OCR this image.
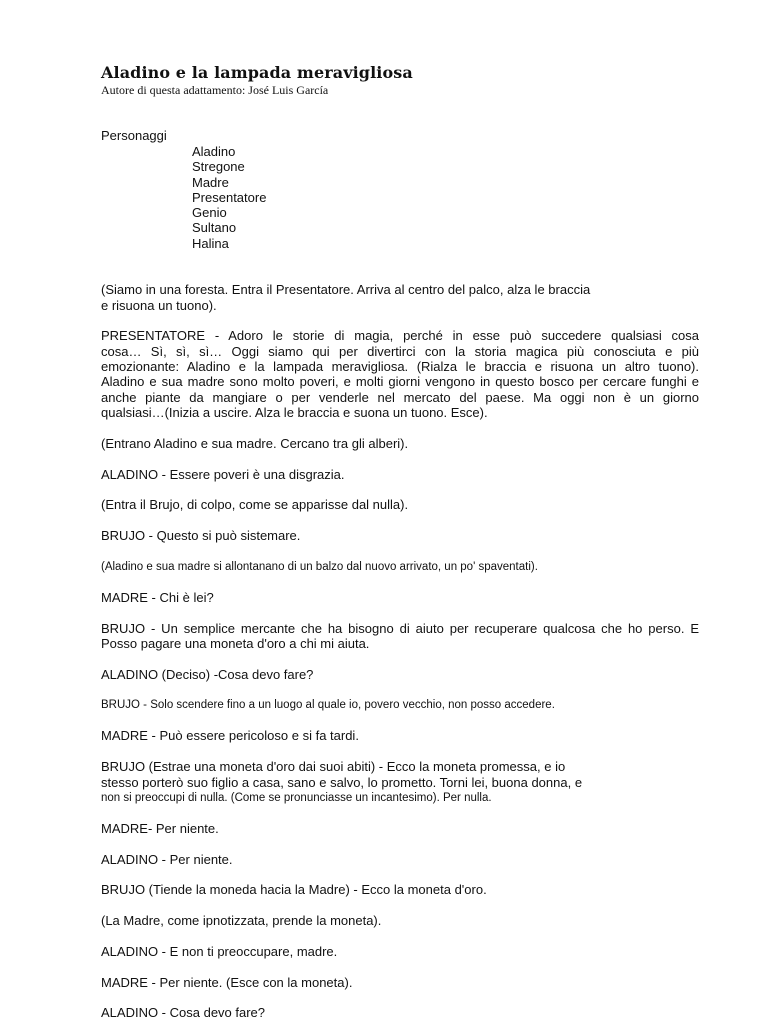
Aladino e la lampada meravigliosa

Autore di questa adattamento: José Luis García

Personaggi

Aladino
Stregone
Madre
Presentatore
Genio
Sultano
Halina

(Siamo in una foresta. Entra il Presentatore. Arriva al centro del palco, alza le braccia

e risuona un tuono).

PRESENTATORE - Adoro le storie di magia, perché in esse può succedere qualsiasi cosa

cosa… Sì, sì, sì… Oggi siamo qui per divertirci con la storia magica più conosciuta e più

emozionante: Aladino e la lampada meravigliosa. (Rialza le braccia e risuona un altro tuono).

Aladino e sua madre sono molto poveri, e molti giorni vengono in questo bosco per cercare funghi e

anche piante da mangiare o per venderle nel mercato del paese. Ma oggi non è un giorno

qualsiasi…(Inizia a uscire. Alza le braccia e suona un tuono. Esce).

(Entrano Aladino e sua madre. Cercano tra gli alberi).

ALADINO - Essere poveri è una disgrazia.

(Entra il Brujo, di colpo, come se apparisse dal nulla).

BRUJO - Questo si può sistemare.

(Aladino e sua madre si allontanano di un balzo dal nuovo arrivato, un po' spaventati).

MADRE - Chi è lei?

BRUJO - Un semplice mercante che ha bisogno di aiuto per recuperare qualcosa che ho perso. E

Posso pagare una moneta d'oro a chi mi aiuta.

ALADINO (Deciso) -Cosa devo fare?

BRUJO - Solo scendere fino a un luogo al quale io, povero vecchio, non posso accedere.

MADRE - Può essere pericoloso e si fa tardi.

BRUJO (Estrae una moneta d'oro dai suoi abiti) - Ecco la moneta promessa, e io

stesso porterò suo figlio a casa, sano e salvo, lo prometto. Torni lei, buona donna, e

non si preoccupi di nulla. (Come se pronunciasse un incantesimo). Per nulla.

MADRE- Per niente.

ALADINO - Per niente.

BRUJO (Tiende la moneda hacia la Madre) - Ecco la moneta d'oro.

(La Madre, come ipnotizzata, prende la moneta).

ALADINO - E non ti preoccupare, madre.

MADRE - Per niente. (Esce con la moneta).

ALADINO - Cosa devo fare?
